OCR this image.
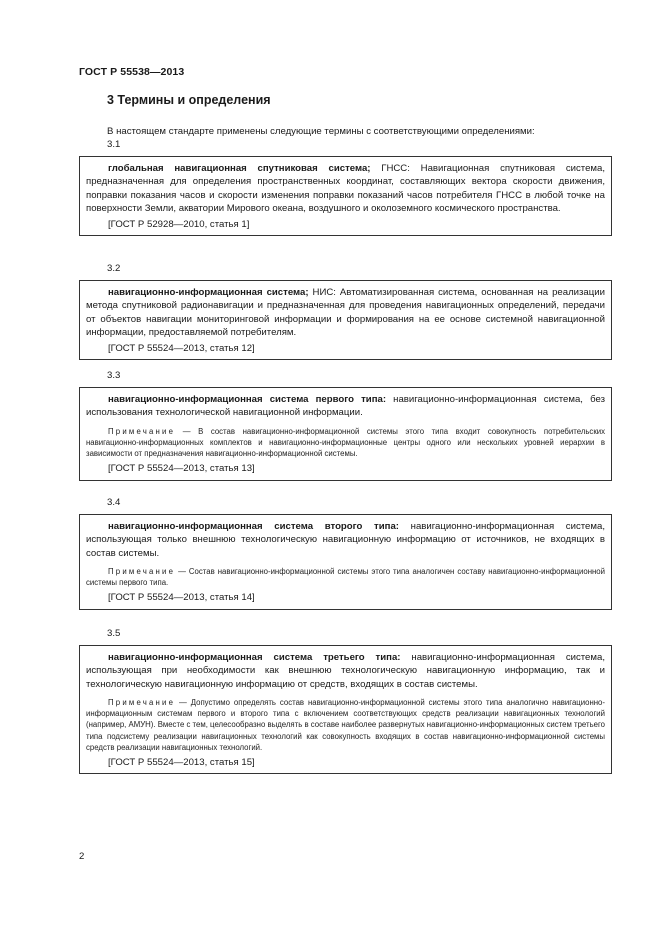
ГОСТ Р 55538—2013
3 Термины и определения
В настоящем стандарте применены следующие термины с соответствующими определениями:
3.1

глобальная навигационная спутниковая система; ГНСС: Навигационная спутниковая система, предназначенная для определения пространственных координат, составляющих вектора скорости движения, поправки показания часов и скорости изменения поправки показаний часов потребителя ГНСС в любой точке на поверхности Земли, акватории Мирового океана, воздушного и околоземного космического пространства.

[ГОСТ Р 52928—2010, статья 1]
3.2

навигационно-информационная система; НИС: Автоматизированная система, основанная на реализации метода спутниковой радионавигации и предназначенная для проведения навигационных определений, передачи от объектов навигации мониторинговой информации и формирования на ее основе системной навигационной информации, предоставляемой потребителям.

[ГОСТ Р 55524—2013, статья 12]
3.3

навигационно-информационная система первого типа: навигационно-информационная система, без использования технологической навигационной информации.

Примечание — В состав навигационно-информационной системы этого типа входит совокупность потребительских навигационно-информационных комплектов и навигационно-информационные центры одного или нескольких уровней иерархии в зависимости от предназначения навигационно-информационной системы.

[ГОСТ Р 55524—2013, статья 13]
3.4

навигационно-информационная система второго типа: навигационно-информационная система, использующая только внешнюю технологическую навигационную информацию от источников, не входящих в состав системы.

Примечание — Состав навигационно-информационной системы этого типа аналогичен составу навигационно-информационной системы первого типа.

[ГОСТ Р 55524—2013, статья 14]
3.5

навигационно-информационная система третьего типа: навигационно-информационная система, использующая при необходимости как внешнюю технологическую навигационную информацию, так и технологическую навигационную информацию от средств, входящих в состав системы.

Примечание — Допустимо определять состав навигационно-информационной системы этого типа аналогично навигационно-информационным системам первого и второго типа с включением соответствующих средств реализации навигационных технологий (например, АМУН). Вместе с тем, целесообразно выделять в составе наиболее развернутых навигационно-информационных систем третьего типа подсистему реализации навигационных технологий как совокупность входящих в состав навигационно-информационной системы средств реализации навигационных технологий.

[ГОСТ Р 55524—2013, статья 15]
2
